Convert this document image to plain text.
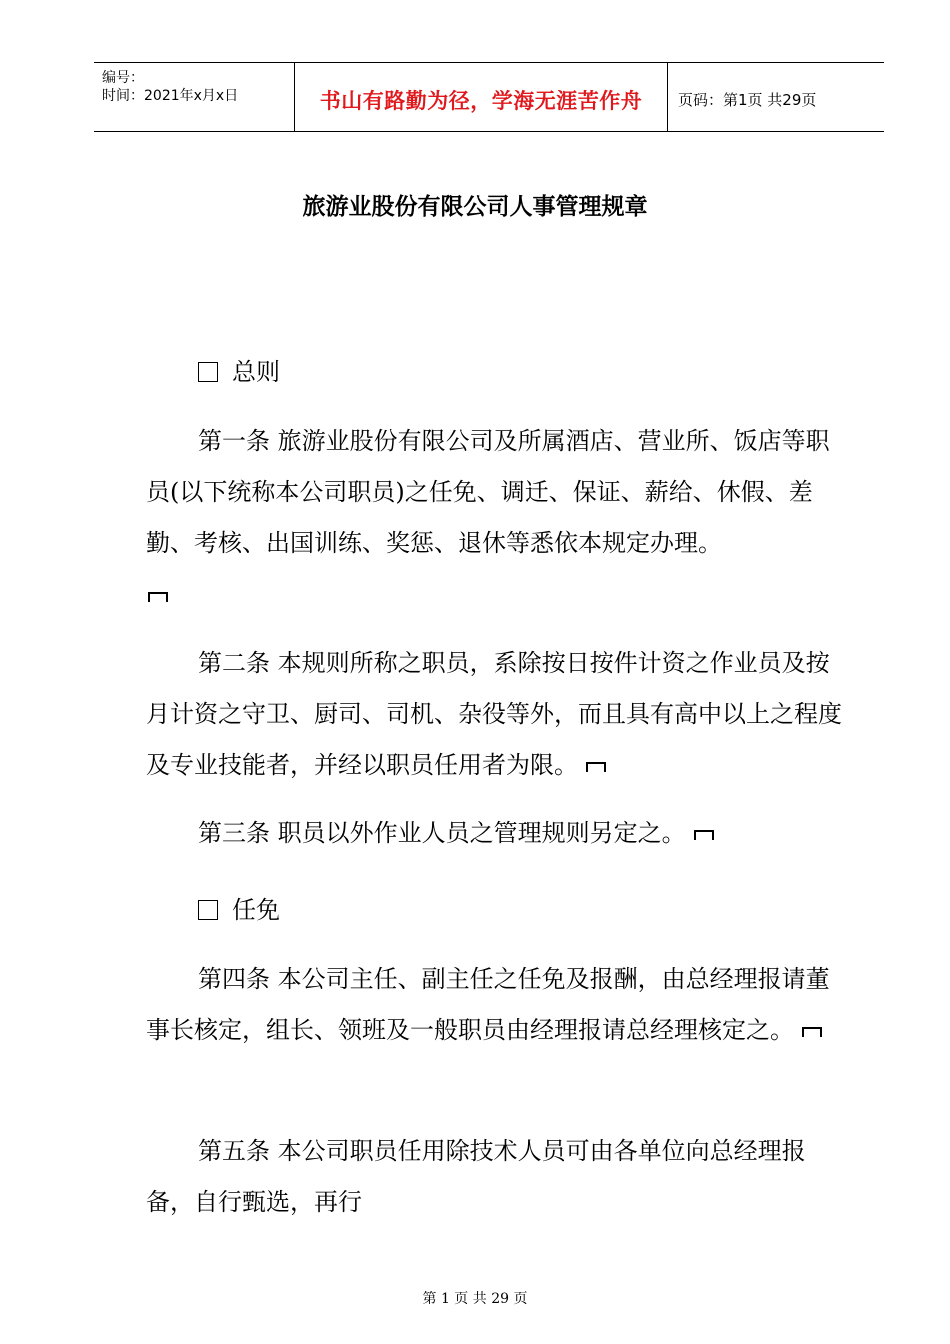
编号：
时间：2021年x月x日	书山有路勤为径，学海无涯苦作舟	页码：第1页 共29页
旅游业股份有限公司人事管理规章
总则

第一条 旅游业股份有限公司及所属酒店、营业所、饭店等职员(以下统称本公司职员)之任免、调迁、保证、薪给、休假、差勤、考核、出国训练、奖惩、退休等悉依本规定办理。

第二条 本规则所称之职员，系除按日按件计资之作业员及按月计资之守卫、厨司、司机、杂役等外，而且具有高中以上之程度及专业技能者，并经以职员任用者为限。

第三条 职员以外作业人员之管理规则另定之。

任免

第四条 本公司主任、副主任之任免及报酬，由总经理报请董事长核定，组长、领班及一般职员由经理报请总经理核定之。

第五条 本公司职员任用除技术人员可由各单位向总经理报备，自行甄选，再行

第 1 页 共 29 页
